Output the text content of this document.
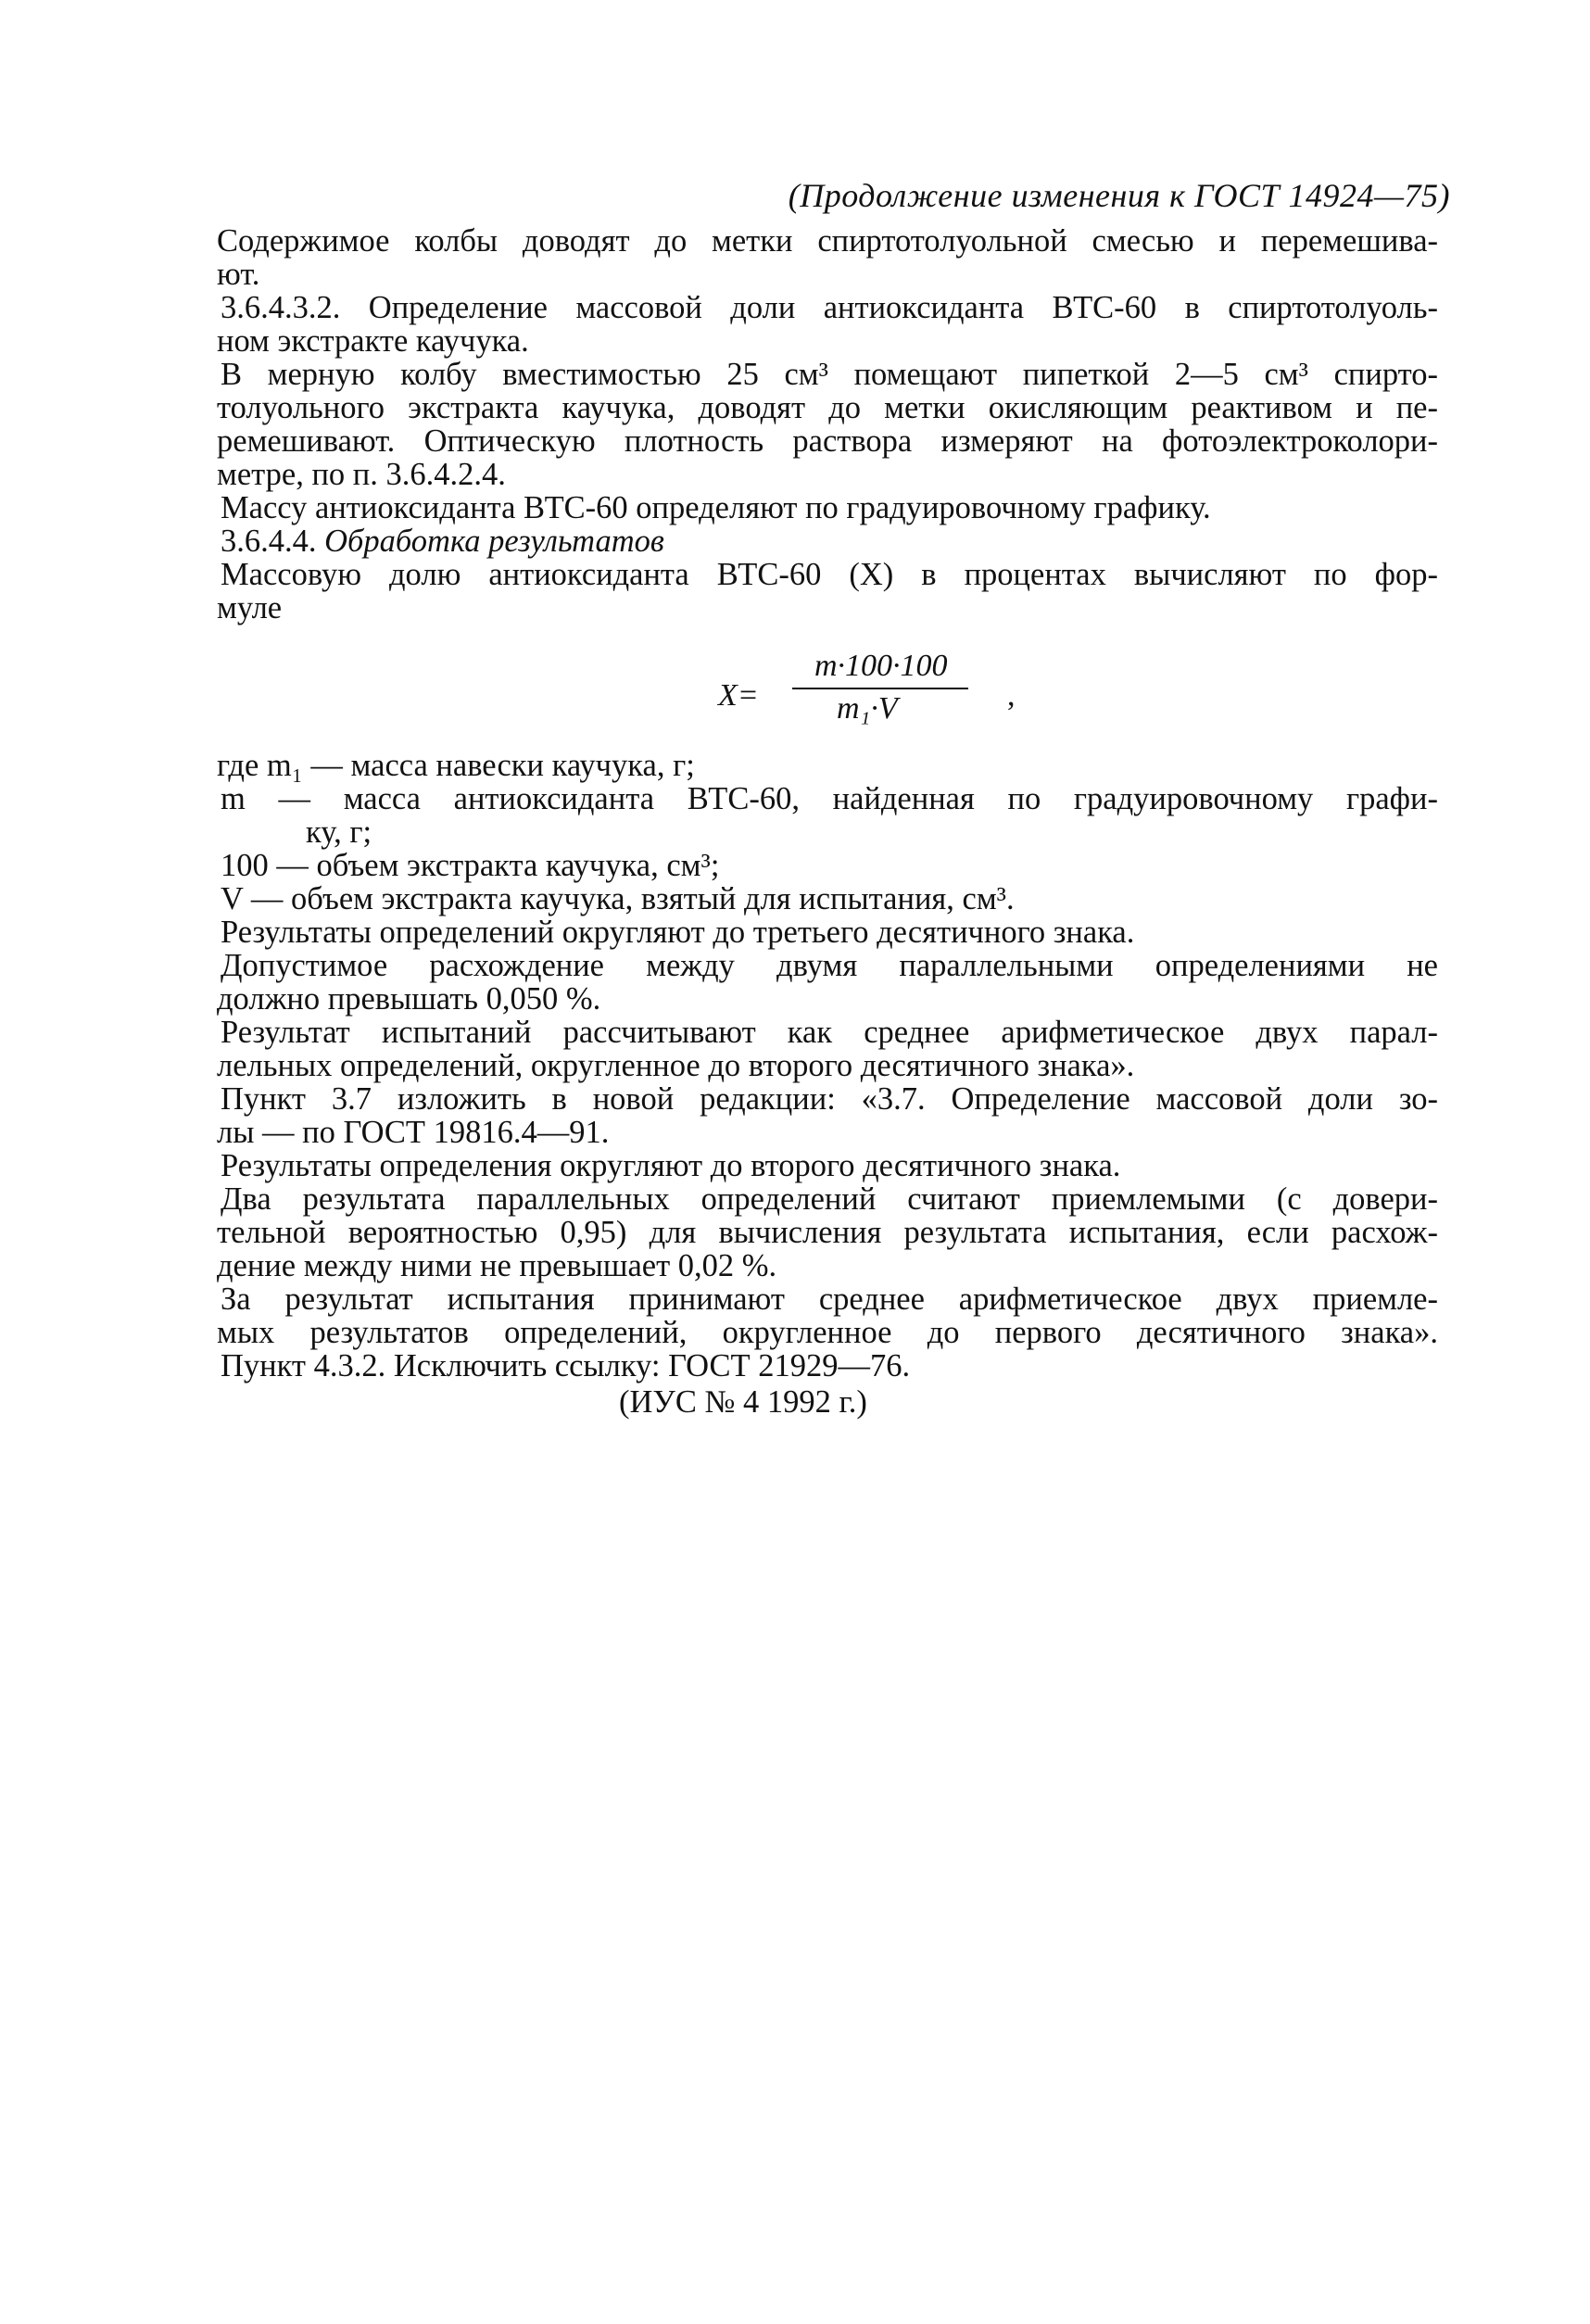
(Продолжение изменения к ГОСТ 14924—75)
Содержимое колбы доводят до метки спиртотолуольной смесью и перемешива-
ют.
3.6.4.3.2. Определение массовой доли антиоксиданта ВТС-60 в спиртотолуоль-
ном экстракте каучука.
В мерную колбу вместимостью 25 см³ помещают пипеткой 2—5 см³ спирто-
толуольного экстракта каучука, доводят до метки окисляющим реактивом и пе-
ремешивают. Оптическую плотность раствора измеряют на фотоэлектроколори-
метре, по п. 3.6.4.2.4.
Массу антиоксиданта ВТС-60 определяют по градуировочному графику.
3.6.4.4. Обработка результатов
Массовую долю антиоксиданта ВТС-60 (X) в процентах вычисляют по фор-
муле
X=
m·100·100
m₁·V	,
где m₁ — масса навески каучука, г;
m — масса антиоксиданта ВТС-60, найденная по градуировочному графи-
ку, г;
100 — объем экстракта каучука, см³;
V — объем экстракта каучука, взятый для испытания, см³.
Результаты определений округляют до третьего десятичного знака.
Допустимое расхождение между двумя параллельными определениями не
должно превышать 0,050 %.
Результат испытаний рассчитывают как среднее арифметическое двух парал-
лельных определений, округленное до второго десятичного знака».
Пункт 3.7 изложить в новой редакции: «3.7. Определение массовой доли зо-
лы — по ГОСТ 19816.4—91.
Результаты определения округляют до второго десятичного знака.
Два результата параллельных определений считают приемлемыми (с довери-
тельной вероятностью 0,95) для вычисления результата испытания, если расхож-
дение между ними не превышает 0,02 %.
За результат испытания принимают среднее арифметическое двух приемле-
мых результатов определений, округленное до первого десятичного знака».
Пункт 4.3.2. Исключить ссылку: ГОСТ 21929—76.
(ИУС № 4 1992 г.)
